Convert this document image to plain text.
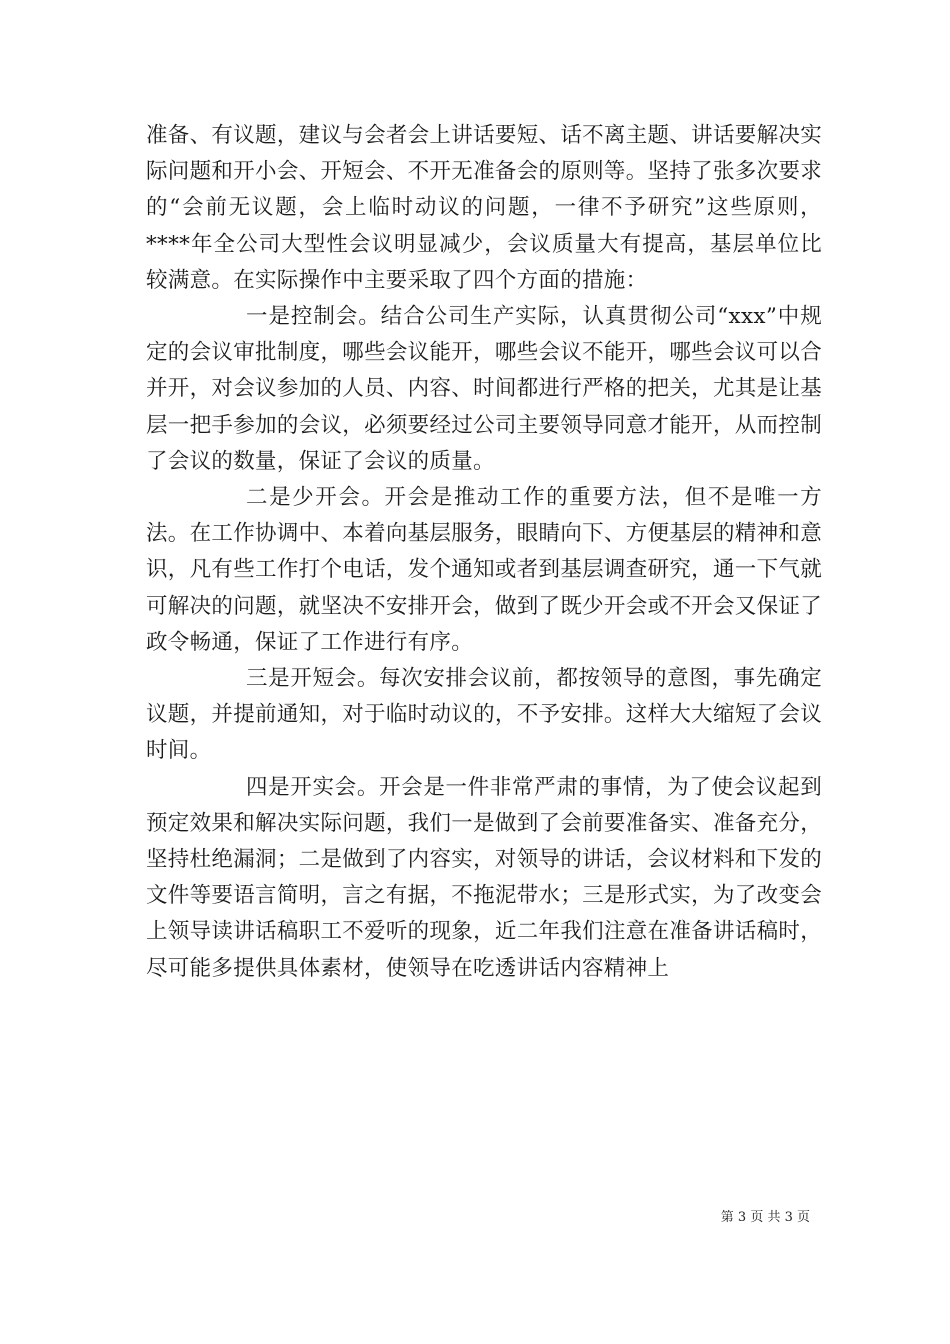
准备、有议题，建议与会者会上讲话要短、话不离主题、讲话要解决实际问题和开小会、开短会、不开无准备会的原则等。坚持了张多次要求的“会前无议题，会上临时动议的问题，一律不予研究”这些原则，****年全公司大型性会议明显减少，会议质量大有提高，基层单位比较满意。在实际操作中主要采取了四个方面的措施：

一是控制会。结合公司生产实际，认真贯彻公司“xxx”中规定的会议审批制度，哪些会议能开，哪些会议不能开，哪些会议可以合并开，对会议参加的人员、内容、时间都进行严格的把关，尤其是让基层一把手参加的会议，必须要经过公司主要领导同意才能开，从而控制了会议的数量，保证了会议的质量。

二是少开会。开会是推动工作的重要方法，但不是唯一方法。在工作协调中、本着向基层服务，眼睛向下、方便基层的精神和意识，凡有些工作打个电话，发个通知或者到基层调查研究，通一下气就可解决的问题，就坚决不安排开会，做到了既少开会或不开会又保证了政令畅通，保证了工作进行有序。

三是开短会。每次安排会议前，都按领导的意图，事先确定议题，并提前通知，对于临时动议的，不予安排。这样大大缩短了会议时间。

四是开实会。开会是一件非常严肃的事情，为了使会议起到预定效果和解决实际问题，我们一是做到了会前要准备实、准备充分，坚持杜绝漏洞；二是做到了内容实，对领导的讲话，会议材料和下发的文件等要语言简明，言之有据，不拖泥带水；三是形式实，为了改变会上领导读讲话稿职工不爱听的现象，近二年我们注意在准备讲话稿时，尽可能多提供具体素材，使领导在吃透讲话内容精神上

第 3 页 共 3 页
